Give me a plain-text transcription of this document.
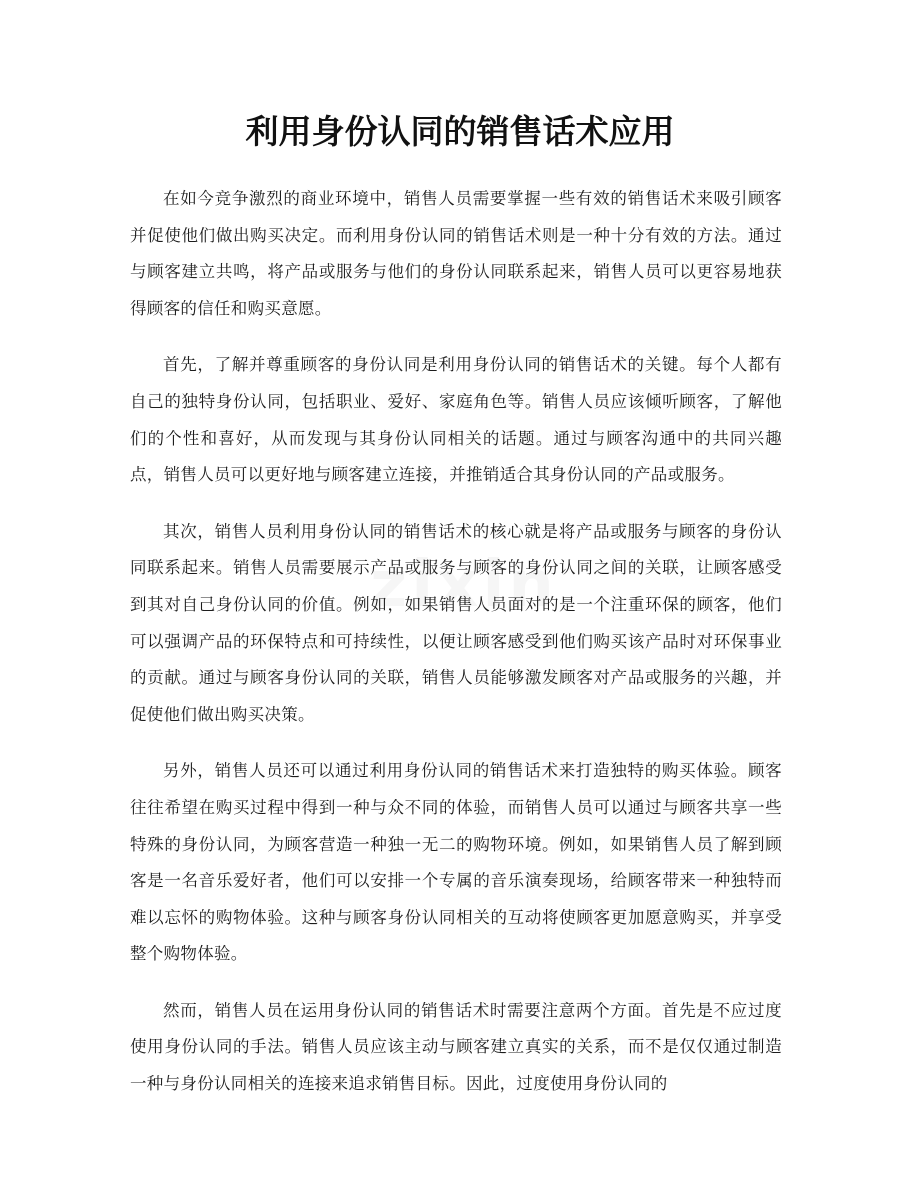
利用身份认同的销售话术应用

在如今竞争激烈的商业环境中，销售人员需要掌握一些有效的销售话术来吸引顾客并促使他们做出购买决定。而利用身份认同的销售话术则是一种十分有效的方法。通过与顾客建立共鸣，将产品或服务与他们的身份认同联系起来，销售人员可以更容易地获得顾客的信任和购买意愿。

首先，了解并尊重顾客的身份认同是利用身份认同的销售话术的关键。每个人都有自己的独特身份认同，包括职业、爱好、家庭角色等。销售人员应该倾听顾客，了解他们的个性和喜好，从而发现与其身份认同相关的话题。通过与顾客沟通中的共同兴趣点，销售人员可以更好地与顾客建立连接，并推销适合其身份认同的产品或服务。

其次，销售人员利用身份认同的销售话术的核心就是将产品或服务与顾客的身份认同联系起来。销售人员需要展示产品或服务与顾客的身份认同之间的关联，让顾客感受到其对自己身份认同的价值。例如，如果销售人员面对的是一个注重环保的顾客，他们可以强调产品的环保特点和可持续性，以便让顾客感受到他们购买该产品时对环保事业的贡献。通过与顾客身份认同的关联，销售人员能够激发顾客对产品或服务的兴趣，并促使他们做出购买决策。

另外，销售人员还可以通过利用身份认同的销售话术来打造独特的购买体验。顾客往往希望在购买过程中得到一种与众不同的体验，而销售人员可以通过与顾客共享一些特殊的身份认同，为顾客营造一种独一无二的购物环境。例如，如果销售人员了解到顾客是一名音乐爱好者，他们可以安排一个专属的音乐演奏现场，给顾客带来一种独特而难以忘怀的购物体验。这种与顾客身份认同相关的互动将使顾客更加愿意购买，并享受整个购物体验。

然而，销售人员在运用身份认同的销售话术时需要注意两个方面。首先是不应过度使用身份认同的手法。销售人员应该主动与顾客建立真实的关系，而不是仅仅通过制造一种与身份认同相关的连接来追求销售目标。因此，过度使用身份认同的
